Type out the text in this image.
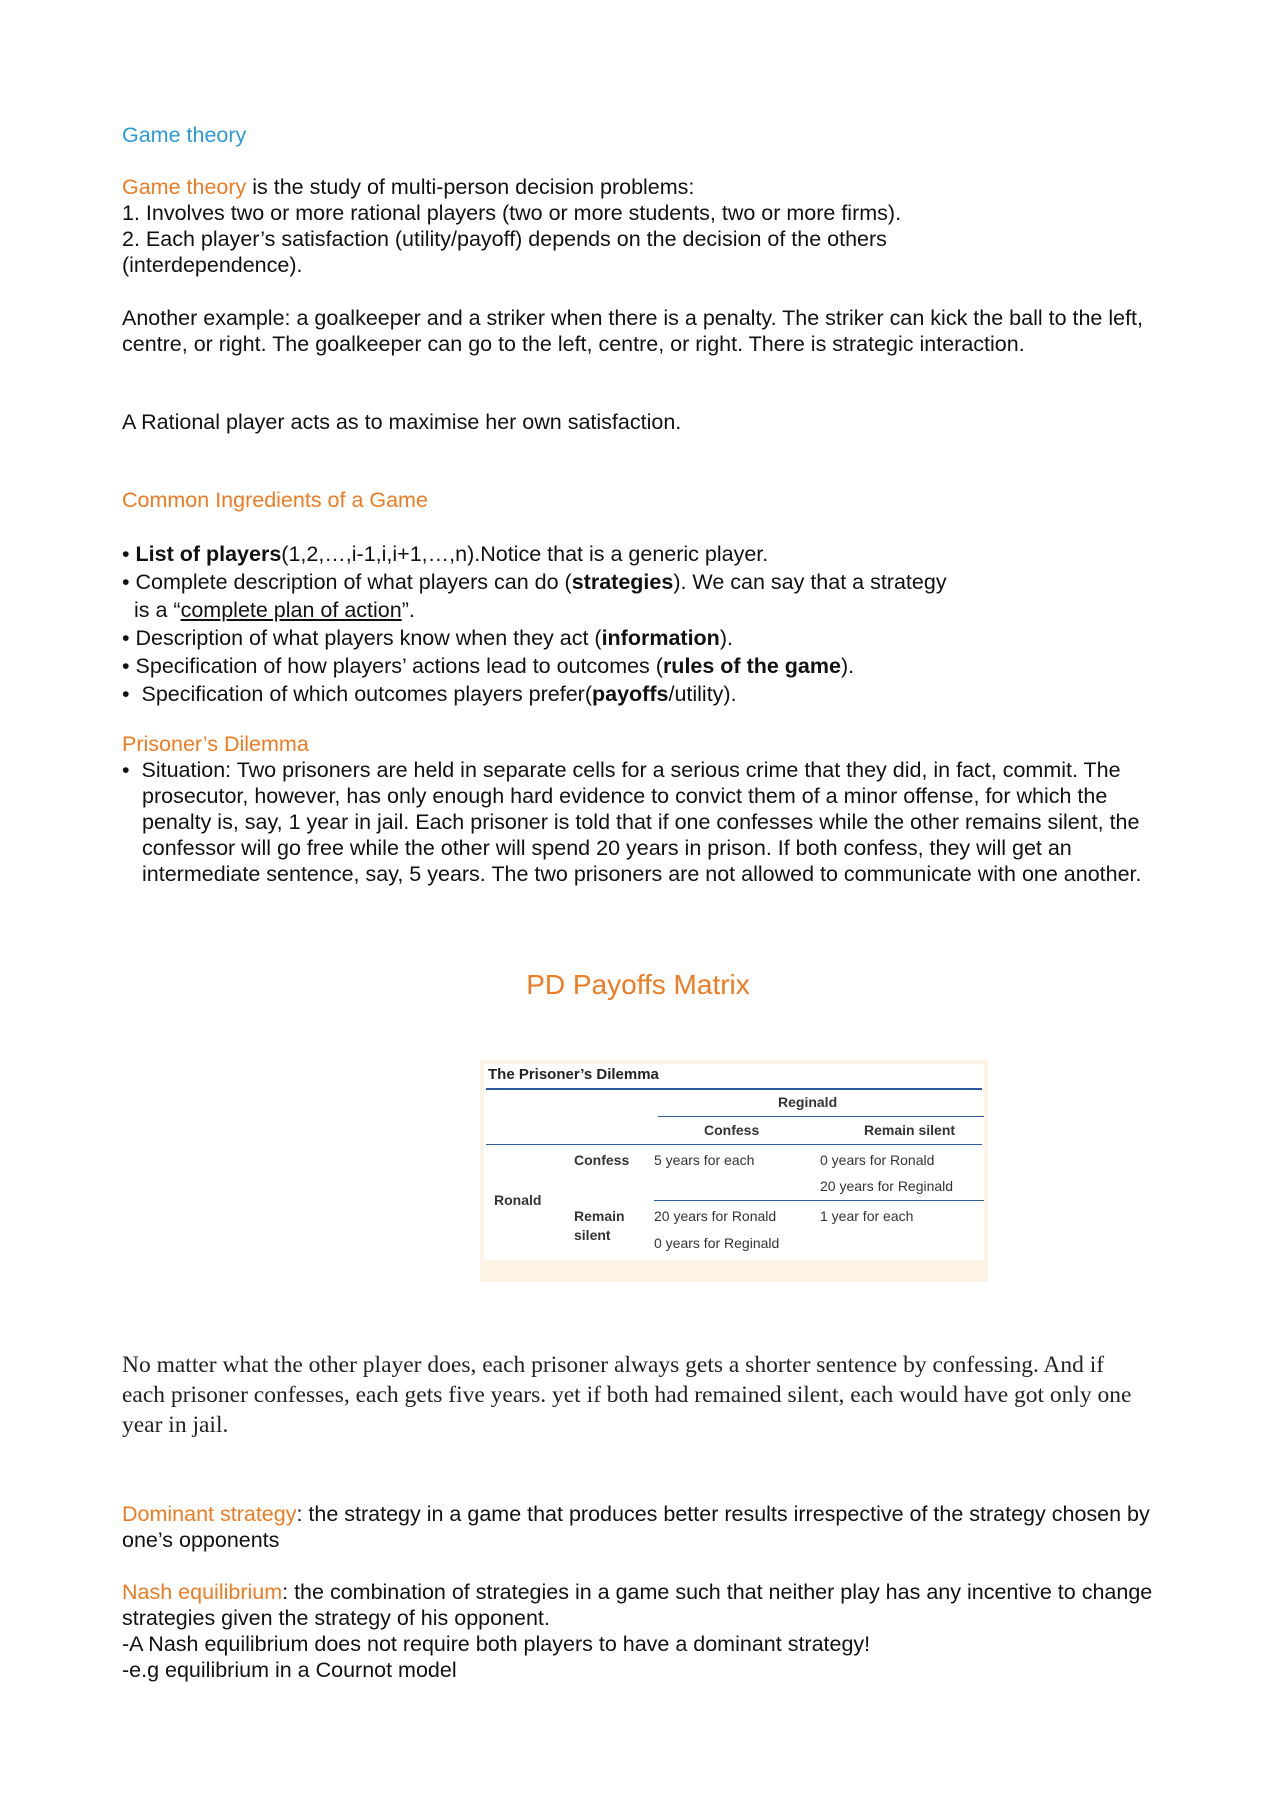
Game theory

Game theory is the study of multi-person decision problems:

1. Involves two or more rational players (two or more students, two or more firms).

2. Each player’s satisfaction (utility/payoff) depends on the decision of the others (interdependence).

Another example: a goalkeeper and a striker when there is a penalty. The striker can kick the ball to the left, centre, or right. The goalkeeper can go to the left, centre, or right. There is strategic interaction.
A Rational player acts as to maximise her own satisfaction.
Common Ingredients of a Game
• List of players(1,2,…,i-1,i,i+1,…,n).Notice that is a generic player.
• Complete description of what players can do (strategies). We can say that a strategy is a “complete plan of action”.
• Description of what players know when they act (information).
• Specification of how players’ actions lead to outcomes (rules of the game).
•  Specification of which outcomes players prefer(payoffs/utility).
Prisoner’s Dilemma
•  Situation: Two prisoners are held in separate cells for a serious crime that they did, in fact, commit. The prosecutor, however, has only enough hard evidence to convict them of a minor offense, for which the penalty is, say, 1 year in jail. Each prisoner is told that if one confesses while the other remains silent, the confessor will go free while the other will spend 20 years in prison. If both confess, they will get an intermediate sentence, say, 5 years. The two prisoners are not allowed to communicate with one another.
PD Payoffs Matrix
The Prisoner’s Dilemma
Reginald
Confess	Remain silent
Ronald
Confess 5 years for each	0 years for Ronald
20 years for Reginald
Remain
silent
20 years for Ronald
0 years for Reginald
1 year for each
No matter what the other player does, each prisoner always gets a shorter sentence by confessing. And if each prisoner confesses, each gets five years. yet if both had remained silent, each would have got only one year in jail.
Dominant strategy: the strategy in a game that produces better results irrespective of the strategy chosen by one’s opponents

Nash equilibrium: the combination of strategies in a game such that neither play has any incentive to change strategies given the strategy of his opponent.

-A Nash equilibrium does not require both players to have a dominant strategy!

-e.g equilibrium in a Cournot model
